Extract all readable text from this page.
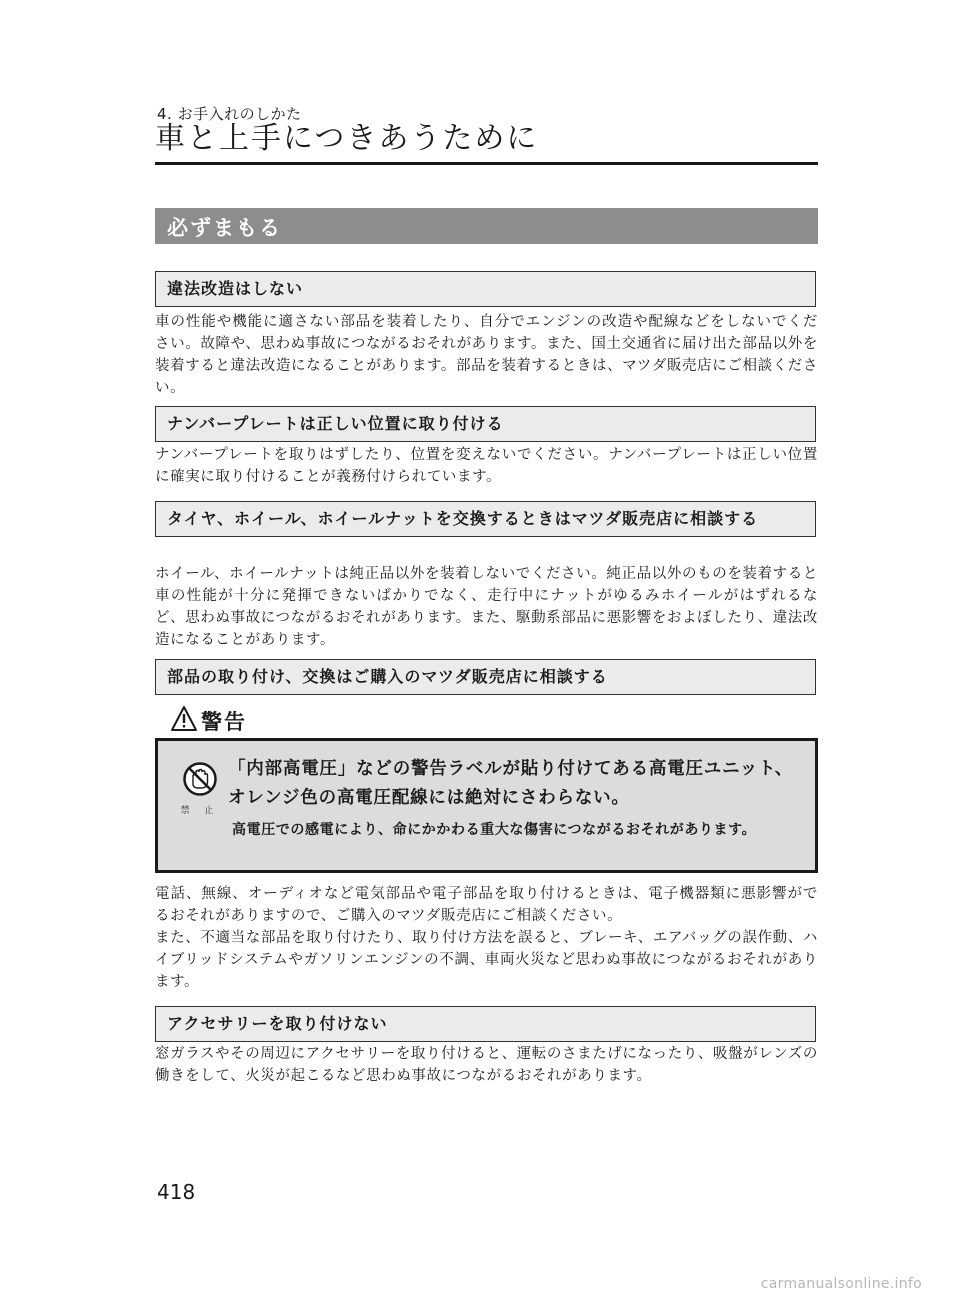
4. お手入れのしかた
車と上手につきあうために
必ずまもる
違法改造はしない
車の性能や機能に適さない部品を装着したり、自分でエンジンの改造や配線などをしないでください。故障や、思わぬ事故につながるおそれがあります。また、国土交通省に届け出た部品以外を装着すると違法改造になることがあります。部品を装着するときは、マツダ販売店にご相談ください。
ナンバープレートは正しい位置に取り付ける
ナンバープレートを取りはずしたり、位置を変えないでください。ナンバープレートは正しい位置に確実に取り付けることが義務付けられています。
タイヤ、ホイール、ホイールナットを交換するときはマツダ販売店に相談する
ホイール、ホイールナットは純正品以外を装着しないでください。純正品以外のものを装着すると車の性能が十分に発揮できないばかりでなく、走行中にナットがゆるみホイールがはずれるなど、思わぬ事故につながるおそれがあります。また、駆動系部品に悪影響をおよぼしたり、違法改造になることがあります。
部品の取り付け、交換はご購入のマツダ販売店に相談する
警告
禁 止
「内部高電圧」などの警告ラベルが貼り付けてある高電圧ユニット、オレンジ色の高電圧配線には絶対にさわらない。
高電圧での感電により、命にかかわる重大な傷害につながるおそれがあります。
電話、無線、オーディオなど電気部品や電子部品を取り付けるときは、電子機器類に悪影響がでるおそれがありますので、ご購入のマツダ販売店にご相談ください。
また、不適当な部品を取り付けたり、取り付け方法を誤ると、ブレーキ、エアバッグの誤作動、ハイブリッドシステムやガソリンエンジンの不調、車両火災など思わぬ事故につながるおそれがあります。
アクセサリーを取り付けない
窓ガラスやその周辺にアクセサリーを取り付けると、運転のさまたげになったり、吸盤がレンズの働きをして、火災が起こるなど思わぬ事故につながるおそれがあります。
418
carmanualsonline.info
